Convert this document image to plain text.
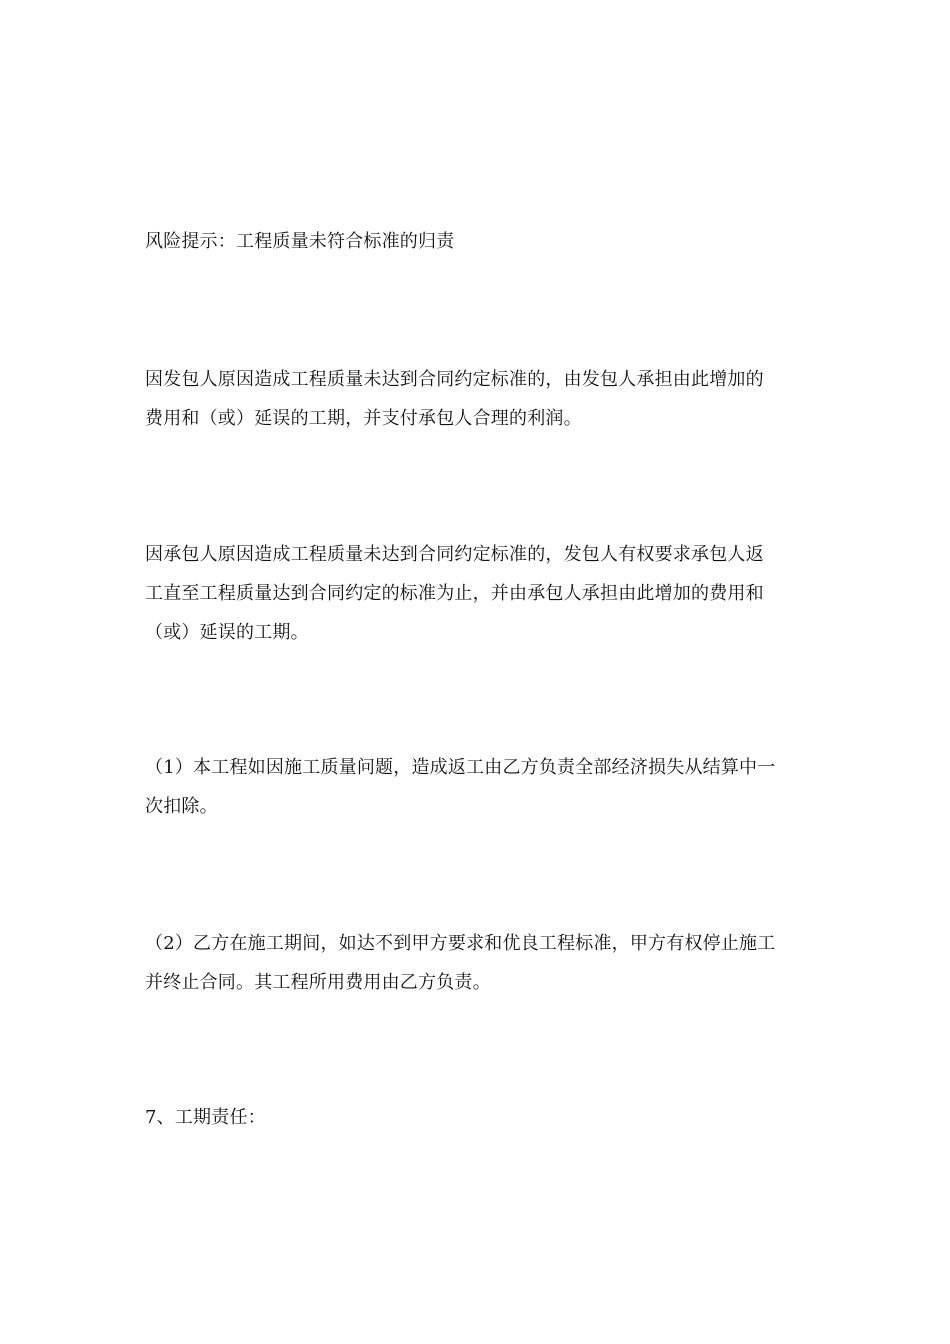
风险提示：工程质量未符合标准的归责

因发包人原因造成工程质量未达到合同约定标准的，由发包人承担由此增加的
费用和（或）延误的工期，并支付承包人合理的利润。

因承包人原因造成工程质量未达到合同约定标准的，发包人有权要求承包人返
工直至工程质量达到合同约定的标准为止，并由承包人承担由此增加的费用和
（或）延误的工期。

（1）本工程如因施工质量问题，造成返工由乙方负责全部经济损失从结算中一
次扣除。

（2）乙方在施工期间，如达不到甲方要求和优良工程标准，甲方有权停止施工
并终止合同。其工程所用费用由乙方负责。

7、工期责任：
